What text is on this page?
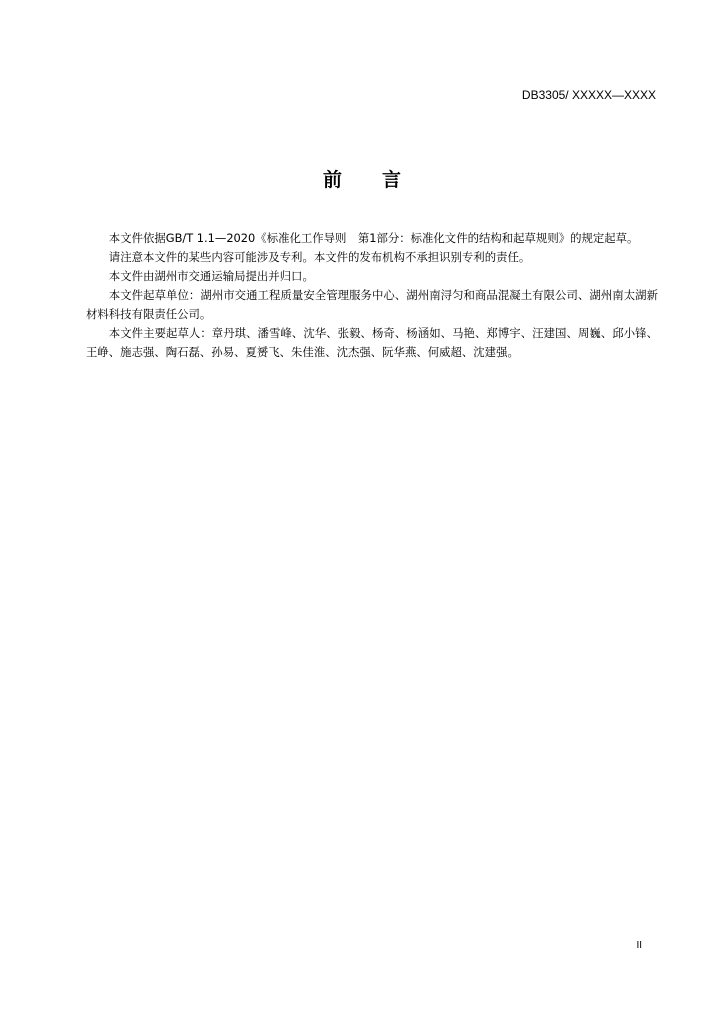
DB3305/ XXXXX—XXXX
前 言

本文件依据GB/T 1.1—2020《标准化工作导则　第1部分：标准化文件的结构和起草规则》的规定起草。

请注意本文件的某些内容可能涉及专利。本文件的发布机构不承担识别专利的责任。

本文件由湖州市交通运输局提出并归口。

本文件起草单位：湖州市交通工程质量安全管理服务中心、湖州南浔匀和商品混凝土有限公司、湖州南太湖新材料科技有限责任公司。

本文件主要起草人：章丹琪、潘雪峰、沈华、张毅、杨奇、杨涵如、马艳、郑博宇、汪建国、周巍、邱小锋、王峥、施志强、陶石磊、孙易、夏赟飞、朱佳淮、沈杰强、阮华燕、何威超、沈建强。

II
